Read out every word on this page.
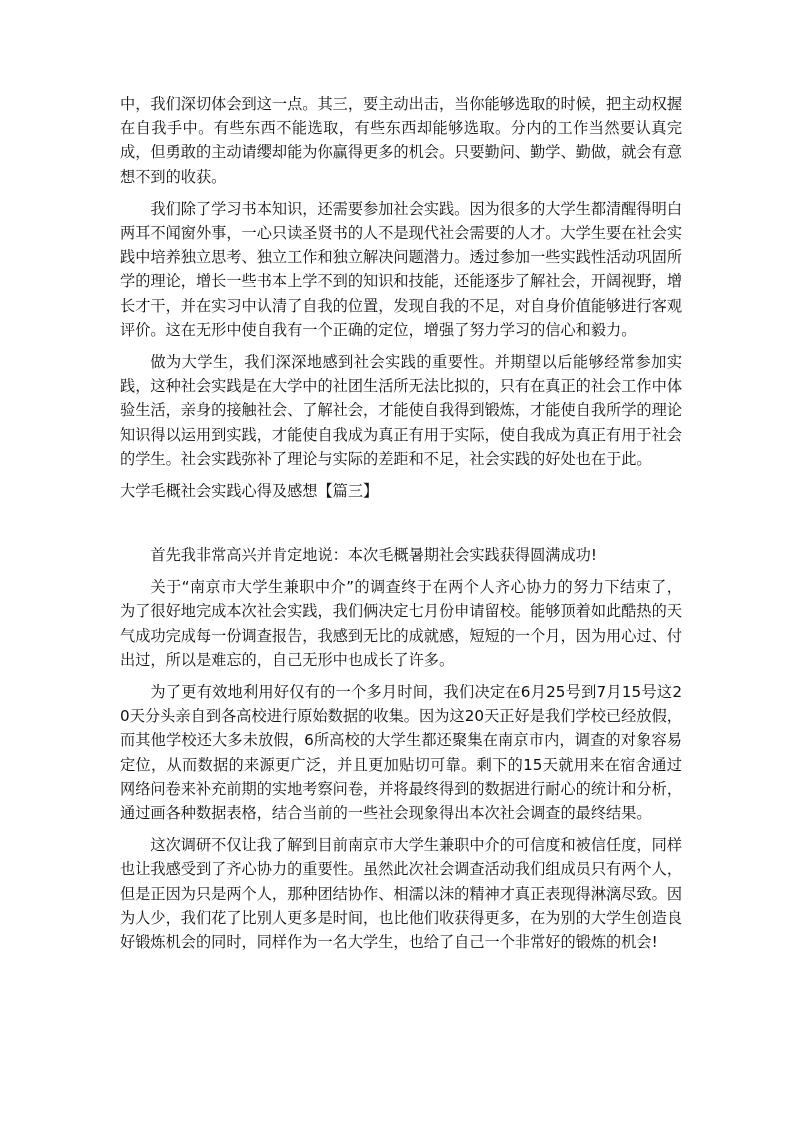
中，我们深切体会到这一点。其三，要主动出击，当你能够选取的时候，把主动权握在自我手中。有些东西不能选取，有些东西却能够选取。分内的工作当然要认真完成，但勇敢的主动请缨却能为你赢得更多的机会。只要勤问、勤学、勤做，就会有意想不到的收获。

我们除了学习书本知识，还需要参加社会实践。因为很多的大学生都清醒得明白两耳不闻窗外事，一心只读圣贤书的人不是现代社会需要的人才。大学生要在社会实践中培养独立思考、独立工作和独立解决问题潜力。透过参加一些实践性活动巩固所学的理论，增长一些书本上学不到的知识和技能，还能逐步了解社会，开阔视野，增长才干，并在实习中认清了自我的位置，发现自我的不足，对自身价值能够进行客观评价。这在无形中使自我有一个正确的定位，增强了努力学习的信心和毅力。

做为大学生，我们深深地感到社会实践的重要性。并期望以后能够经常参加实践，这种社会实践是在大学中的社团生活所无法比拟的，只有在真正的社会工作中体验生活，亲身的接触社会、了解社会，才能使自我得到锻炼，才能使自我所学的理论知识得以运用到实践，才能使自我成为真正有用于实际，使自我成为真正有用于社会的学生。社会实践弥补了理论与实际的差距和不足，社会实践的好处也在于此。

大学毛概社会实践心得及感想【篇三】

首先我非常高兴并肯定地说：本次毛概暑期社会实践获得圆满成功!

关于“南京市大学生兼职中介”的调查终于在两个人齐心协力的努力下结束了，为了很好地完成本次社会实践，我们俩决定七月份申请留校。能够顶着如此酷热的天气成功完成每一份调查报告，我感到无比的成就感，短短的一个月，因为用心过、付出过，所以是难忘的，自己无形中也成长了许多。

为了更有效地利用好仅有的一个多月时间，我们决定在6月25号到7月15号这20天分头亲自到各高校进行原始数据的收集。因为这20天正好是我们学校已经放假，而其他学校还大多未放假，6所高校的大学生都还聚集在南京市内，调查的对象容易定位，从而数据的来源更广泛，并且更加贴切可靠。剩下的15天就用来在宿舍通过网络问卷来补充前期的实地考察问卷，并将最终得到的数据进行耐心的统计和分析，通过画各种数据表格，结合当前的一些社会现象得出本次社会调查的最终结果。

这次调研不仅让我了解到目前南京市大学生兼职中介的可信度和被信任度，同样也让我感受到了齐心协力的重要性。虽然此次社会调查活动我们组成员只有两个人，但是正因为只是两个人，那种团结协作、相濡以沫的精神才真正表现得淋漓尽致。因为人少，我们花了比别人更多是时间，也比他们收获得更多，在为别的大学生创造良好锻炼机会的同时，同样作为一名大学生，也给了自己一个非常好的锻炼的机会!
